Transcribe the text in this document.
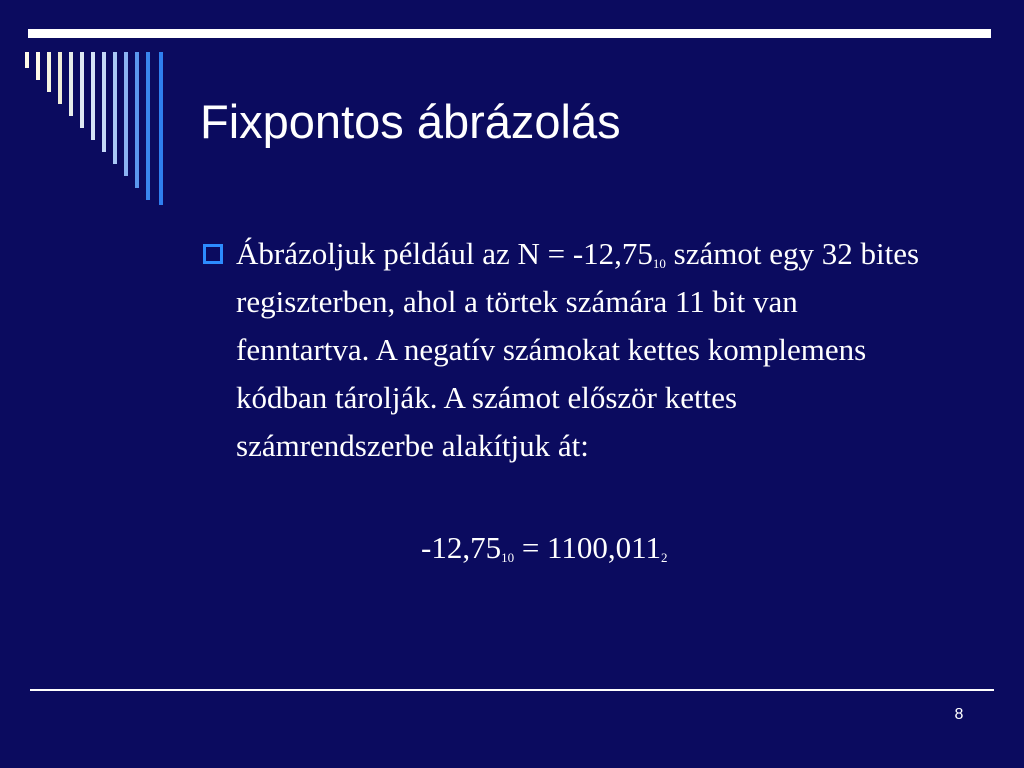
Fixpontos ábrázolás
Ábrázoljuk például az $N = -12,75_{10}$ számot egy 32 bites regiszterben, ahol a törtek számára 11 bit van fenntartva. A negatív számokat kettes komplemens kódban tárolják. A számot először kettes számrendszerbe alakítjuk át:
$-12,75_{10} = 1100,011_2$
8
